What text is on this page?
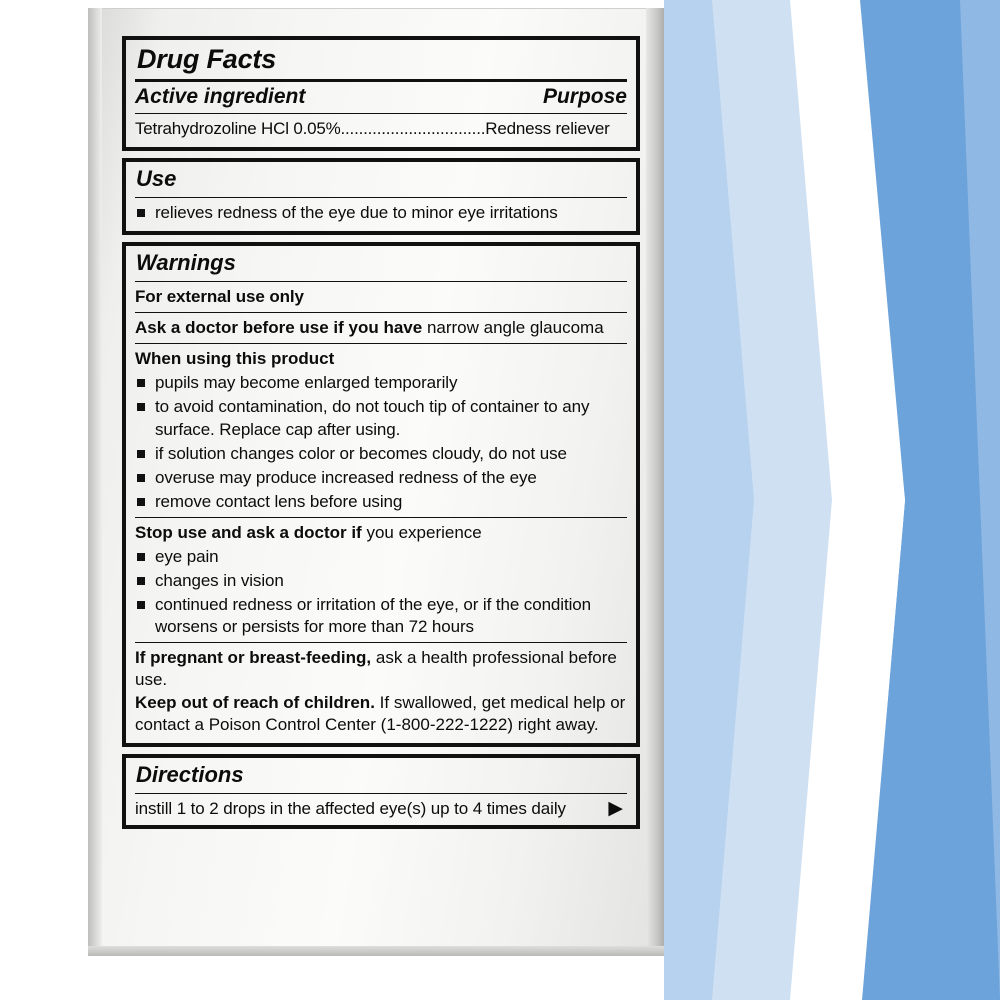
Drug Facts
Active ingredient	Purpose
Tetrahydrozoline HCl 0.05%................................Redness reliever
Use
relieves redness of the eye due to minor eye irritations
Warnings
For external use only
Ask a doctor before use if you have narrow angle glaucoma
When using this product
pupils may become enlarged temporarily
to avoid contamination, do not touch tip of container to any surface. Replace cap after using.
if solution changes color or becomes cloudy, do not use
overuse may produce increased redness of the eye
remove contact lens before using
Stop use and ask a doctor if you experience
eye pain
changes in vision
continued redness or irritation of the eye, or if the condition worsens or persists for more than 72 hours
If pregnant or breast-feeding, ask a health professional before use.
Keep out of reach of children. If swallowed, get medical help or contact a Poison Control Center (1-800-222-1222) right away.
Directions
instill 1 to 2 drops in the affected eye(s) up to 4 times daily ▶
